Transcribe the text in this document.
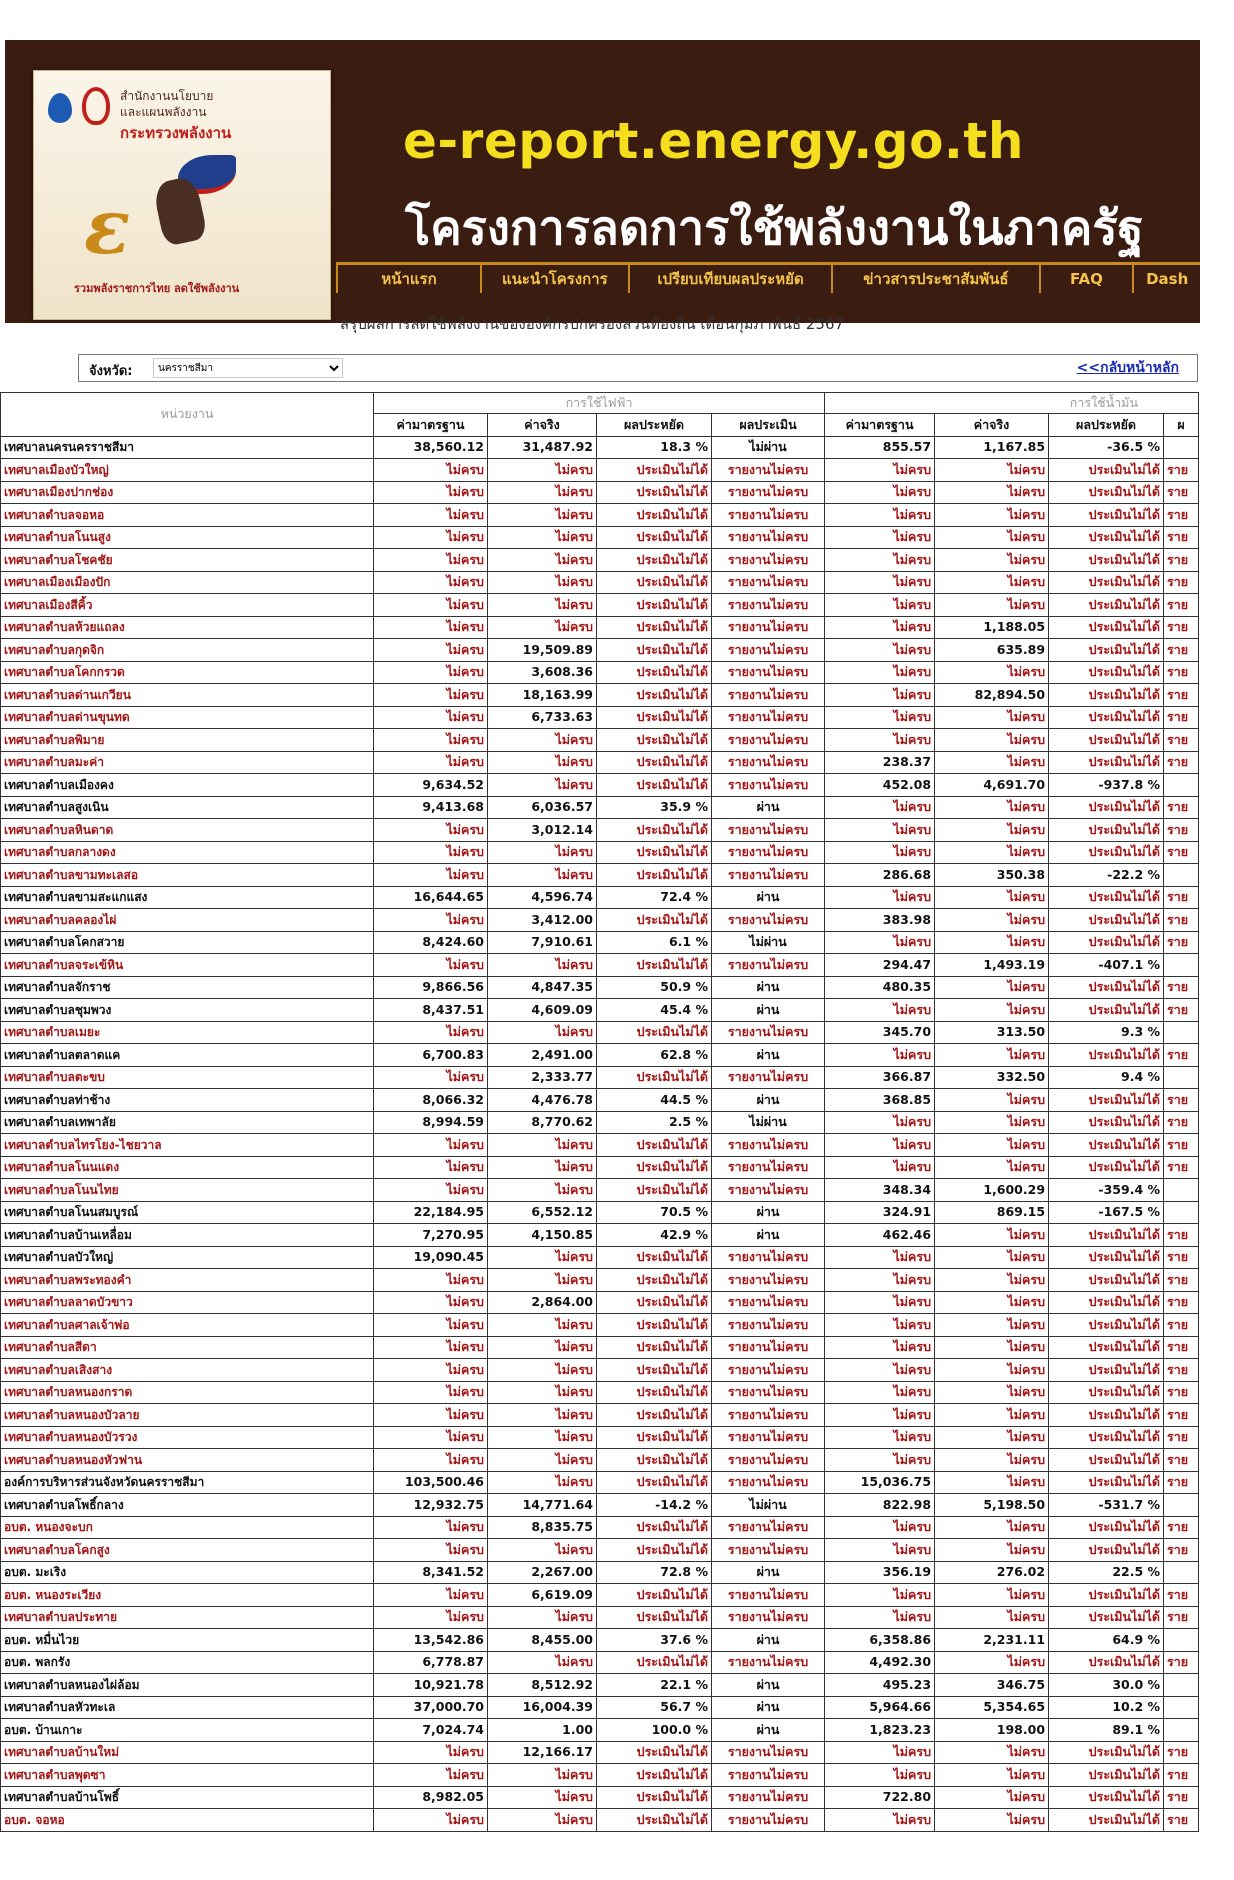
สำนักงานนโยบาย
และแผนพลังงาน
กระทรวงพลังงาน
ε
รวมพลังราชการไทย ลดใช้พลังงาน
e-report.energy.go.th
โครงการลดการใช้พลังงานในภาครัฐ
หน้าแรก	แนะนำโครงการ	เปรียบเทียบผลประหยัด	ข่าวสารประชาสัมพันธ์	FAQ	Dash
สรุปผลการลดใช้พลังงานขององค์กรปกครองส่วนท้องถิ่น เดือนกุมภาพันธ์ 2567
จังหวัด:
นครราชสีมา	<<กลับหน้าหลัก
หน่วยงาน	การใช้ไฟฟ้า				การใช้น้ำมัน			
	ค่ามาตรฐาน	ค่าจริง	ผลประหยัด	ผลประเมิน	ค่ามาตรฐาน	ค่าจริง	ผลประหยัด	ผ
เทศบาลนครนครราชสีมา	38,560.12	31,487.92	18.3 %	ไม่ผ่าน	855.57	1,167.85	-36.5 %	
เทศบาลเมืองบัวใหญ่	ไม่ครบ	ไม่ครบ	ประเมินไม่ได้	รายงานไม่ครบ	ไม่ครบ	ไม่ครบ	ประเมินไม่ได้	ราย
เทศบาลเมืองปากช่อง	ไม่ครบ	ไม่ครบ	ประเมินไม่ได้	รายงานไม่ครบ	ไม่ครบ	ไม่ครบ	ประเมินไม่ได้	ราย
เทศบาลตำบลจอหอ	ไม่ครบ	ไม่ครบ	ประเมินไม่ได้	รายงานไม่ครบ	ไม่ครบ	ไม่ครบ	ประเมินไม่ได้	ราย
เทศบาลตำบลโนนสูง	ไม่ครบ	ไม่ครบ	ประเมินไม่ได้	รายงานไม่ครบ	ไม่ครบ	ไม่ครบ	ประเมินไม่ได้	ราย
เทศบาลตำบลโชคชัย	ไม่ครบ	ไม่ครบ	ประเมินไม่ได้	รายงานไม่ครบ	ไม่ครบ	ไม่ครบ	ประเมินไม่ได้	ราย
เทศบาลเมืองเมืองปัก	ไม่ครบ	ไม่ครบ	ประเมินไม่ได้	รายงานไม่ครบ	ไม่ครบ	ไม่ครบ	ประเมินไม่ได้	ราย
เทศบาลเมืองสีคิ้ว	ไม่ครบ	ไม่ครบ	ประเมินไม่ได้	รายงานไม่ครบ	ไม่ครบ	ไม่ครบ	ประเมินไม่ได้	ราย
เทศบาลตำบลห้วยแถลง	ไม่ครบ	ไม่ครบ	ประเมินไม่ได้	รายงานไม่ครบ	ไม่ครบ	1,188.05	ประเมินไม่ได้	ราย
เทศบาลตำบลกุดจิก	ไม่ครบ	19,509.89	ประเมินไม่ได้	รายงานไม่ครบ	ไม่ครบ	635.89	ประเมินไม่ได้	ราย
เทศบาลตำบลโคกกรวด	ไม่ครบ	3,608.36	ประเมินไม่ได้	รายงานไม่ครบ	ไม่ครบ	ไม่ครบ	ประเมินไม่ได้	ราย
เทศบาลตำบลด่านเกวียน	ไม่ครบ	18,163.99	ประเมินไม่ได้	รายงานไม่ครบ	ไม่ครบ	82,894.50	ประเมินไม่ได้	ราย
เทศบาลตำบลด่านขุนทด	ไม่ครบ	6,733.63	ประเมินไม่ได้	รายงานไม่ครบ	ไม่ครบ	ไม่ครบ	ประเมินไม่ได้	ราย
เทศบาลตำบลพิมาย	ไม่ครบ	ไม่ครบ	ประเมินไม่ได้	รายงานไม่ครบ	ไม่ครบ	ไม่ครบ	ประเมินไม่ได้	ราย
เทศบาลตำบลมะค่า	ไม่ครบ	ไม่ครบ	ประเมินไม่ได้	รายงานไม่ครบ	238.37	ไม่ครบ	ประเมินไม่ได้	ราย
เทศบาลตำบลเมืองคง	9,634.52	ไม่ครบ	ประเมินไม่ได้	รายงานไม่ครบ	452.08	4,691.70	-937.8 %	
เทศบาลตำบลสูงเนิน	9,413.68	6,036.57	35.9 %	ผ่าน	ไม่ครบ	ไม่ครบ	ประเมินไม่ได้	ราย
เทศบาลตำบลหินดาด	ไม่ครบ	3,012.14	ประเมินไม่ได้	รายงานไม่ครบ	ไม่ครบ	ไม่ครบ	ประเมินไม่ได้	ราย
เทศบาลตำบลกลางดง	ไม่ครบ	ไม่ครบ	ประเมินไม่ได้	รายงานไม่ครบ	ไม่ครบ	ไม่ครบ	ประเมินไม่ได้	ราย
เทศบาลตำบลขามทะเลสอ	ไม่ครบ	ไม่ครบ	ประเมินไม่ได้	รายงานไม่ครบ	286.68	350.38	-22.2 %	
เทศบาลตำบลขามสะแกแสง	16,644.65	4,596.74	72.4 %	ผ่าน	ไม่ครบ	ไม่ครบ	ประเมินไม่ได้	ราย
เทศบาลตำบลคลองไผ่	ไม่ครบ	3,412.00	ประเมินไม่ได้	รายงานไม่ครบ	383.98	ไม่ครบ	ประเมินไม่ได้	ราย
เทศบาลตำบลโคกสวาย	8,424.60	7,910.61	6.1 %	ไม่ผ่าน	ไม่ครบ	ไม่ครบ	ประเมินไม่ได้	ราย
เทศบาลตำบลจระเข้หิน	ไม่ครบ	ไม่ครบ	ประเมินไม่ได้	รายงานไม่ครบ	294.47	1,493.19	-407.1 %	
เทศบาลตำบลจักราช	9,866.56	4,847.35	50.9 %	ผ่าน	480.35	ไม่ครบ	ประเมินไม่ได้	ราย
เทศบาลตำบลชุมพวง	8,437.51	4,609.09	45.4 %	ผ่าน	ไม่ครบ	ไม่ครบ	ประเมินไม่ได้	ราย
เทศบาลตำบลเมยะ	ไม่ครบ	ไม่ครบ	ประเมินไม่ได้	รายงานไม่ครบ	345.70	313.50	9.3 %	
เทศบาลตำบลตลาดแค	6,700.83	2,491.00	62.8 %	ผ่าน	ไม่ครบ	ไม่ครบ	ประเมินไม่ได้	ราย
เทศบาลตำบลตะขบ	ไม่ครบ	2,333.77	ประเมินไม่ได้	รายงานไม่ครบ	366.87	332.50	9.4 %	
เทศบาลตำบลท่าช้าง	8,066.32	4,476.78	44.5 %	ผ่าน	368.85	ไม่ครบ	ประเมินไม่ได้	ราย
เทศบาลตำบลเทพาลัย	8,994.59	8,770.62	2.5 %	ไม่ผ่าน	ไม่ครบ	ไม่ครบ	ประเมินไม่ได้	ราย
เทศบาลตำบลไทรโยง-ไชยวาล	ไม่ครบ	ไม่ครบ	ประเมินไม่ได้	รายงานไม่ครบ	ไม่ครบ	ไม่ครบ	ประเมินไม่ได้	ราย
เทศบาลตำบลโนนแดง	ไม่ครบ	ไม่ครบ	ประเมินไม่ได้	รายงานไม่ครบ	ไม่ครบ	ไม่ครบ	ประเมินไม่ได้	ราย
เทศบาลตำบลโนนไทย	ไม่ครบ	ไม่ครบ	ประเมินไม่ได้	รายงานไม่ครบ	348.34	1,600.29	-359.4 %	
เทศบาลตำบลโนนสมบูรณ์	22,184.95	6,552.12	70.5 %	ผ่าน	324.91	869.15	-167.5 %	
เทศบาลตำบลบ้านเหลื่อม	7,270.95	4,150.85	42.9 %	ผ่าน	462.46	ไม่ครบ	ประเมินไม่ได้	ราย
เทศบาลตำบลบัวใหญ่	19,090.45	ไม่ครบ	ประเมินไม่ได้	รายงานไม่ครบ	ไม่ครบ	ไม่ครบ	ประเมินไม่ได้	ราย
เทศบาลตำบลพระทองคำ	ไม่ครบ	ไม่ครบ	ประเมินไม่ได้	รายงานไม่ครบ	ไม่ครบ	ไม่ครบ	ประเมินไม่ได้	ราย
เทศบาลตำบลลาดบัวขาว	ไม่ครบ	2,864.00	ประเมินไม่ได้	รายงานไม่ครบ	ไม่ครบ	ไม่ครบ	ประเมินไม่ได้	ราย
เทศบาลตำบลศาลเจ้าพ่อ	ไม่ครบ	ไม่ครบ	ประเมินไม่ได้	รายงานไม่ครบ	ไม่ครบ	ไม่ครบ	ประเมินไม่ได้	ราย
เทศบาลตำบลสีดา	ไม่ครบ	ไม่ครบ	ประเมินไม่ได้	รายงานไม่ครบ	ไม่ครบ	ไม่ครบ	ประเมินไม่ได้	ราย
เทศบาลตำบลเสิงสาง	ไม่ครบ	ไม่ครบ	ประเมินไม่ได้	รายงานไม่ครบ	ไม่ครบ	ไม่ครบ	ประเมินไม่ได้	ราย
เทศบาลตำบลหนองกราด	ไม่ครบ	ไม่ครบ	ประเมินไม่ได้	รายงานไม่ครบ	ไม่ครบ	ไม่ครบ	ประเมินไม่ได้	ราย
เทศบาลตำบลหนองบัวลาย	ไม่ครบ	ไม่ครบ	ประเมินไม่ได้	รายงานไม่ครบ	ไม่ครบ	ไม่ครบ	ประเมินไม่ได้	ราย
เทศบาลตำบลหนองบัวรวง	ไม่ครบ	ไม่ครบ	ประเมินไม่ได้	รายงานไม่ครบ	ไม่ครบ	ไม่ครบ	ประเมินไม่ได้	ราย
เทศบาลตำบลหนองหัวฟาน	ไม่ครบ	ไม่ครบ	ประเมินไม่ได้	รายงานไม่ครบ	ไม่ครบ	ไม่ครบ	ประเมินไม่ได้	ราย
องค์การบริหารส่วนจังหวัดนครราชสีมา	103,500.46	ไม่ครบ	ประเมินไม่ได้	รายงานไม่ครบ	15,036.75	ไม่ครบ	ประเมินไม่ได้	ราย
เทศบาลตำบลโพธิ์กลาง	12,932.75	14,771.64	-14.2 %	ไม่ผ่าน	822.98	5,198.50	-531.7 %	
อบต. หนองจะบก	ไม่ครบ	8,835.75	ประเมินไม่ได้	รายงานไม่ครบ	ไม่ครบ	ไม่ครบ	ประเมินไม่ได้	ราย
เทศบาลตำบลโคกสูง	ไม่ครบ	ไม่ครบ	ประเมินไม่ได้	รายงานไม่ครบ	ไม่ครบ	ไม่ครบ	ประเมินไม่ได้	ราย
อบต. มะเริง	8,341.52	2,267.00	72.8 %	ผ่าน	356.19	276.02	22.5 %	
อบต. หนองระเวียง	ไม่ครบ	6,619.09	ประเมินไม่ได้	รายงานไม่ครบ	ไม่ครบ	ไม่ครบ	ประเมินไม่ได้	ราย
เทศบาลตำบลประทาย	ไม่ครบ	ไม่ครบ	ประเมินไม่ได้	รายงานไม่ครบ	ไม่ครบ	ไม่ครบ	ประเมินไม่ได้	ราย
อบต. หมื่นไวย	13,542.86	8,455.00	37.6 %	ผ่าน	6,358.86	2,231.11	64.9 %	
อบต. พลกรัง	6,778.87	ไม่ครบ	ประเมินไม่ได้	รายงานไม่ครบ	4,492.30	ไม่ครบ	ประเมินไม่ได้	ราย
เทศบาลตำบลหนองไผ่ล้อม	10,921.78	8,512.92	22.1 %	ผ่าน	495.23	346.75	30.0 %	
เทศบาลตำบลหัวทะเล	37,000.70	16,004.39	56.7 %	ผ่าน	5,964.66	5,354.65	10.2 %	
อบต. บ้านเกาะ	7,024.74	1.00	100.0 %	ผ่าน	1,823.23	198.00	89.1 %	
เทศบาลตำบลบ้านใหม่	ไม่ครบ	12,166.17	ประเมินไม่ได้	รายงานไม่ครบ	ไม่ครบ	ไม่ครบ	ประเมินไม่ได้	ราย
เทศบาลตำบลพุดซา	ไม่ครบ	ไม่ครบ	ประเมินไม่ได้	รายงานไม่ครบ	ไม่ครบ	ไม่ครบ	ประเมินไม่ได้	ราย
เทศบาลตำบลบ้านโพธิ์	8,982.05	ไม่ครบ	ประเมินไม่ได้	รายงานไม่ครบ	722.80	ไม่ครบ	ประเมินไม่ได้	ราย
อบต. จอหอ	ไม่ครบ	ไม่ครบ	ประเมินไม่ได้	รายงานไม่ครบ	ไม่ครบ	ไม่ครบ	ประเมินไม่ได้	ราย
